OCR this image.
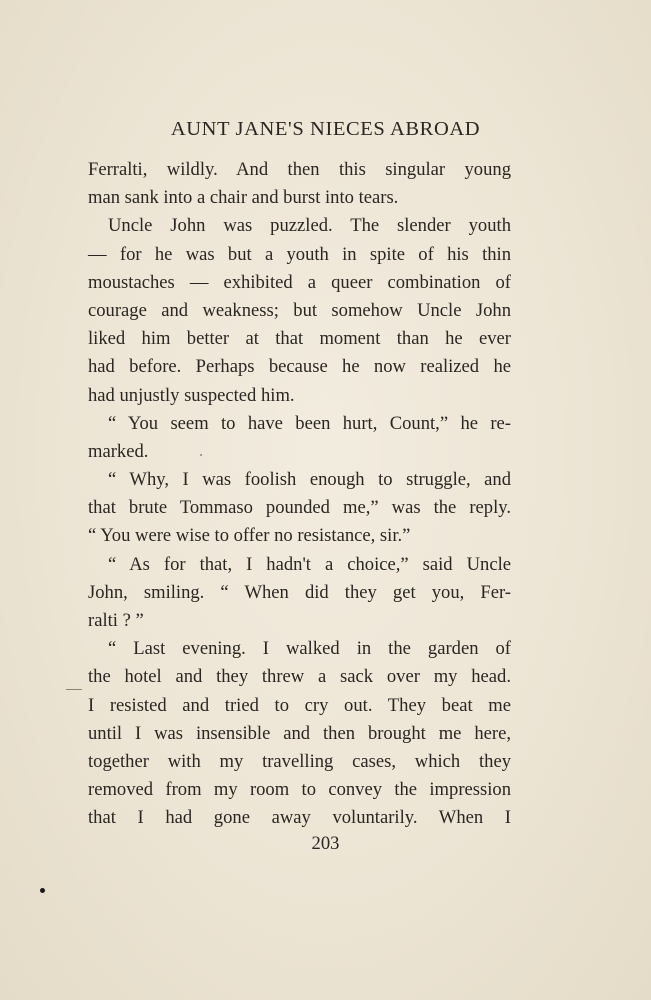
AUNT JANE'S NIECES ABROAD
Ferralti, wildly. And then this singular young
man sank into a chair and burst into tears.
Uncle John was puzzled. The slender youth
— for he was but a youth in spite of his thin
moustaches — exhibited a queer combination of
courage and weakness; but somehow Uncle John
liked him better at that moment than he ever
had before. Perhaps because he now realized he
had unjustly suspected him.
“ You seem to have been hurt, Count,” he re-
marked.
“ Why, I was foolish enough to struggle, and
that brute Tommaso pounded me,” was the reply.
“ You were wise to offer no resistance, sir.”
“ As for that, I hadn't a choice,” said Uncle
John, smiling. “ When did they get you, Fer-
ralti ? ”
“ Last evening. I walked in the garden of
the hotel and they threw a sack over my head.
I resisted and tried to cry out. They beat me
until I was insensible and then brought me here,
together with my travelling cases, which they
removed from my room to convey the impression
that I had gone away voluntarily. When I
203
